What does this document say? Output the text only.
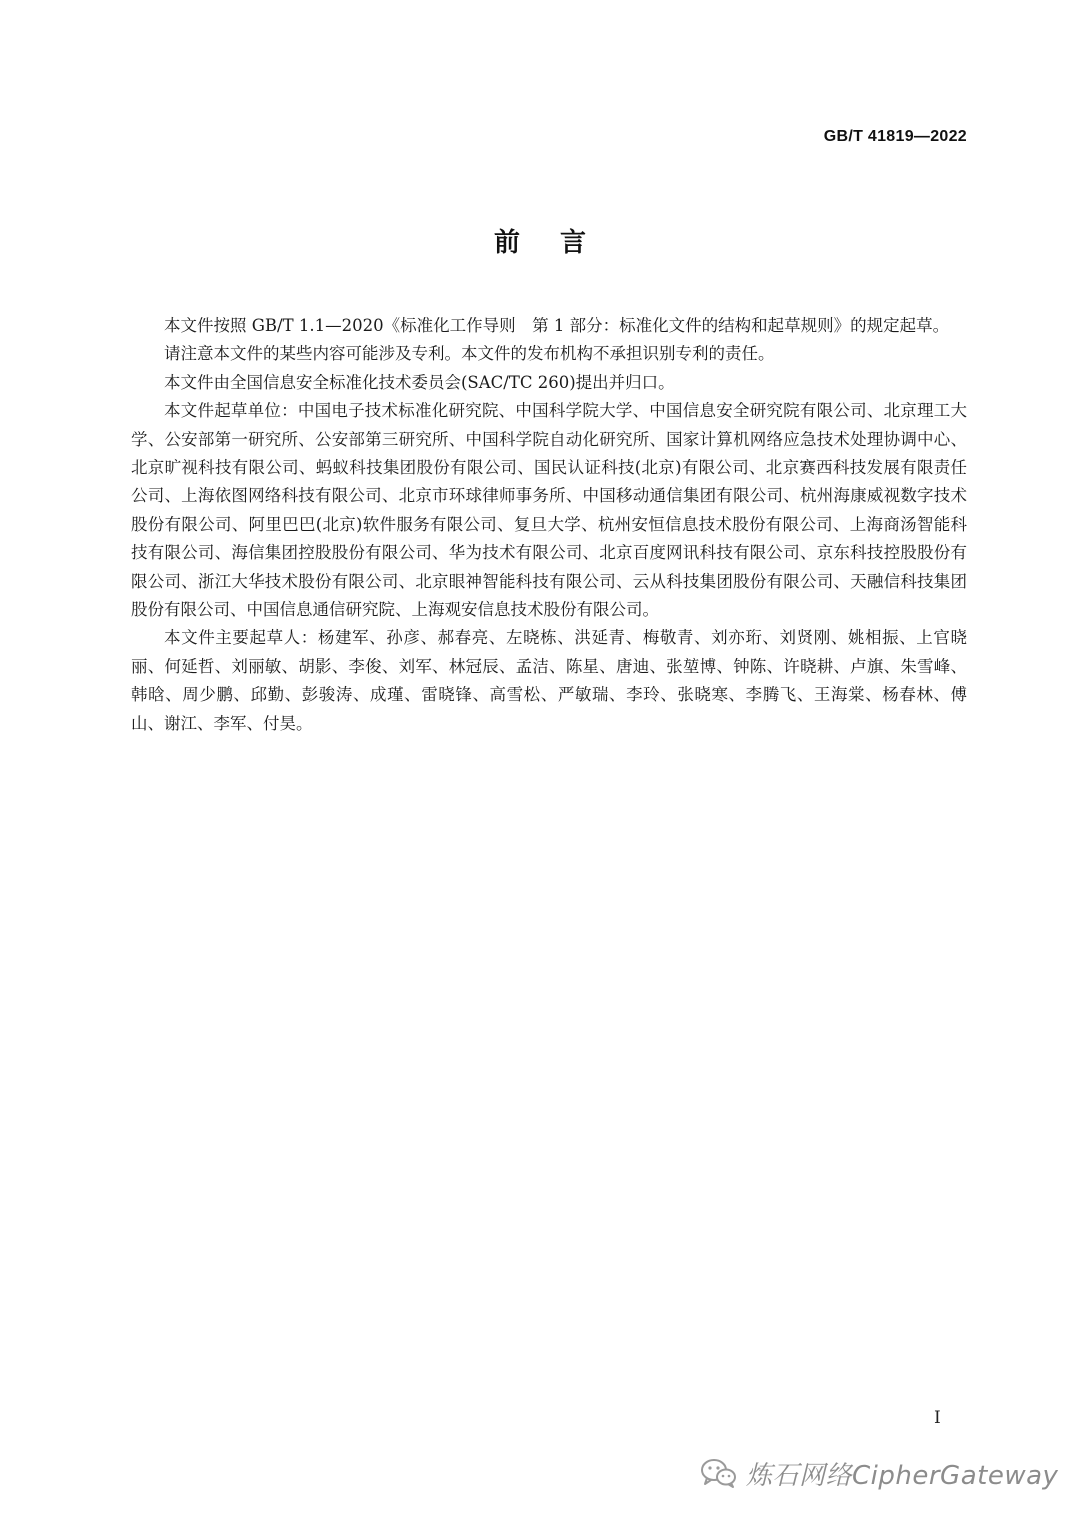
GB/T 41819—2022
前言

本文件按照 GB/T 1.1—2020《标准化工作导则　第 1 部分：标准化文件的结构和起草规则》的规定起草。

请注意本文件的某些内容可能涉及专利。本文件的发布机构不承担识别专利的责任。

本文件由全国信息安全标准化技术委员会(SAC/TC 260)提出并归口。

本文件起草单位：中国电子技术标准化研究院、中国科学院大学、中国信息安全研究院有限公司、北京理工大学、公安部第一研究所、公安部第三研究所、中国科学院自动化研究所、国家计算机网络应急技术处理协调中心、北京旷视科技有限公司、蚂蚁科技集团股份有限公司、国民认证科技(北京)有限公司、北京赛西科技发展有限责任公司、上海依图网络科技有限公司、北京市环球律师事务所、中国移动通信集团有限公司、杭州海康威视数字技术股份有限公司、阿里巴巴(北京)软件服务有限公司、复旦大学、杭州安恒信息技术股份有限公司、上海商汤智能科技有限公司、海信集团控股股份有限公司、华为技术有限公司、北京百度网讯科技有限公司、京东科技控股股份有限公司、浙江大华技术股份有限公司、北京眼神智能科技有限公司、云从科技集团股份有限公司、天融信科技集团股份有限公司、中国信息通信研究院、上海观安信息技术股份有限公司。

本文件主要起草人：杨建军、孙彦、郝春亮、左晓栋、洪延青、梅敬青、刘亦珩、刘贤刚、姚相振、上官晓丽、何延哲、刘丽敏、胡影、李俊、刘军、林冠辰、孟洁、陈星、唐迪、张堃博、钟陈、许晓耕、卢旗、朱雪峰、韩晗、周少鹏、邱勤、彭骏涛、成瑾、雷晓锋、高雪松、严敏瑞、李玲、张晓寒、李腾飞、王海棠、杨春林、傅山、谢江、李军、付昊。

I
炼石网络CipherGateway
